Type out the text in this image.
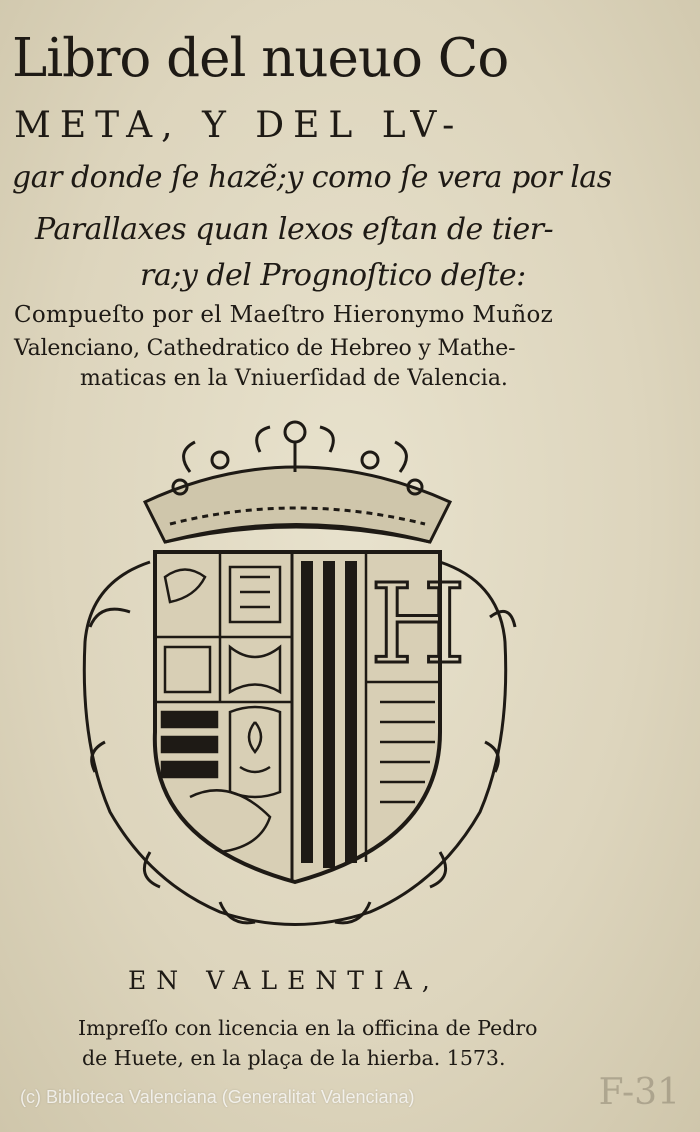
Libro del nueuo Co
META, Y DEL LV-
gar donde ſe hazẽ;y como ſe vera por las
Parallaxes quan lexos eſtan de tier-
ra;y del Prognoſtico deſte:
Compueſto por el Maeſtro Hieronymo Muñoz
Valenciano, Cathedratico de Hebreo y Mathe-
maticas en la Vniuerſidad de Valencia.
H
EN VALENTIA,
Impreſſo con licencia en la officina de Pedro
de Huete, en la plaça de la hierba. 1573.
(c) Biblioteca Valenciana (Generalitat Valenciana)	F-31
